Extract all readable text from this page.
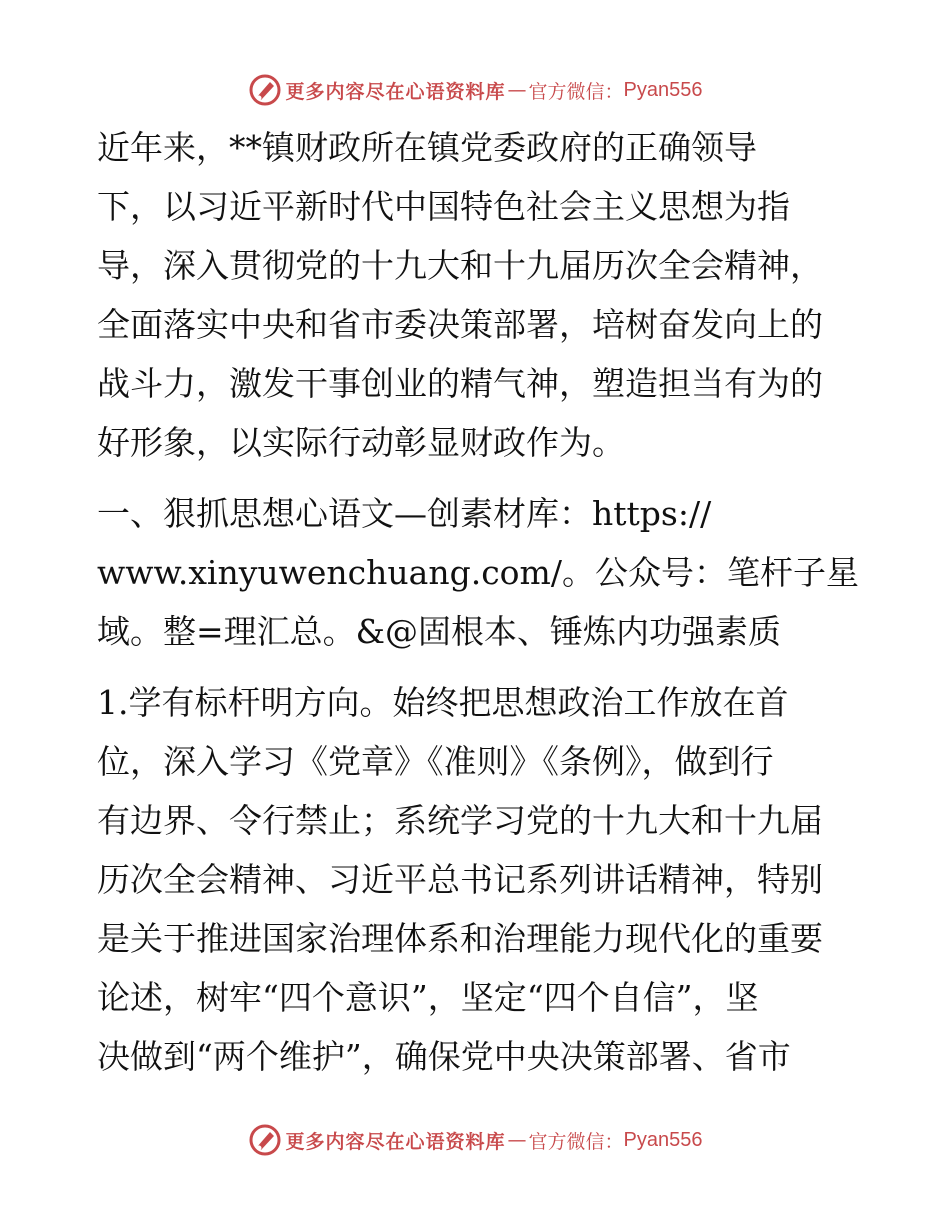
更多内容尽在心语资料库 — 官方微信： Pyan556
近年来，**镇财政所在镇党委政府的正确领导
下，以习近平新时代中国特色社会主义思想为指
导，深入贯彻党的十九大和十九届历次全会精神，
全面落实中央和省市委决策部署，培树奋发向上的
战斗力，激发干事创业的精气神，塑造担当有为的
好形象，以实际行动彰显财政作为。
一、狠抓思想心语文—创素材库：https://
www.xinyuwenchuang.com/。公众号：笔杆子星
域。整=理汇总。&@固根本、锤炼内功强素质
1.学有标杆明方向。始终把思想政治工作放在首
位，深入学习《党章》《准则》《条例》，做到行
有边界、令行禁止；系统学习党的十九大和十九届
历次全会精神、习近平总书记系列讲话精神，特别
是关于推进国家治理体系和治理能力现代化的重要
论述，树牢“四个意识”，坚定“四个自信”，坚
决做到“两个维护”，确保党中央决策部署、省市
更多内容尽在心语资料库 — 官方微信： Pyan556
